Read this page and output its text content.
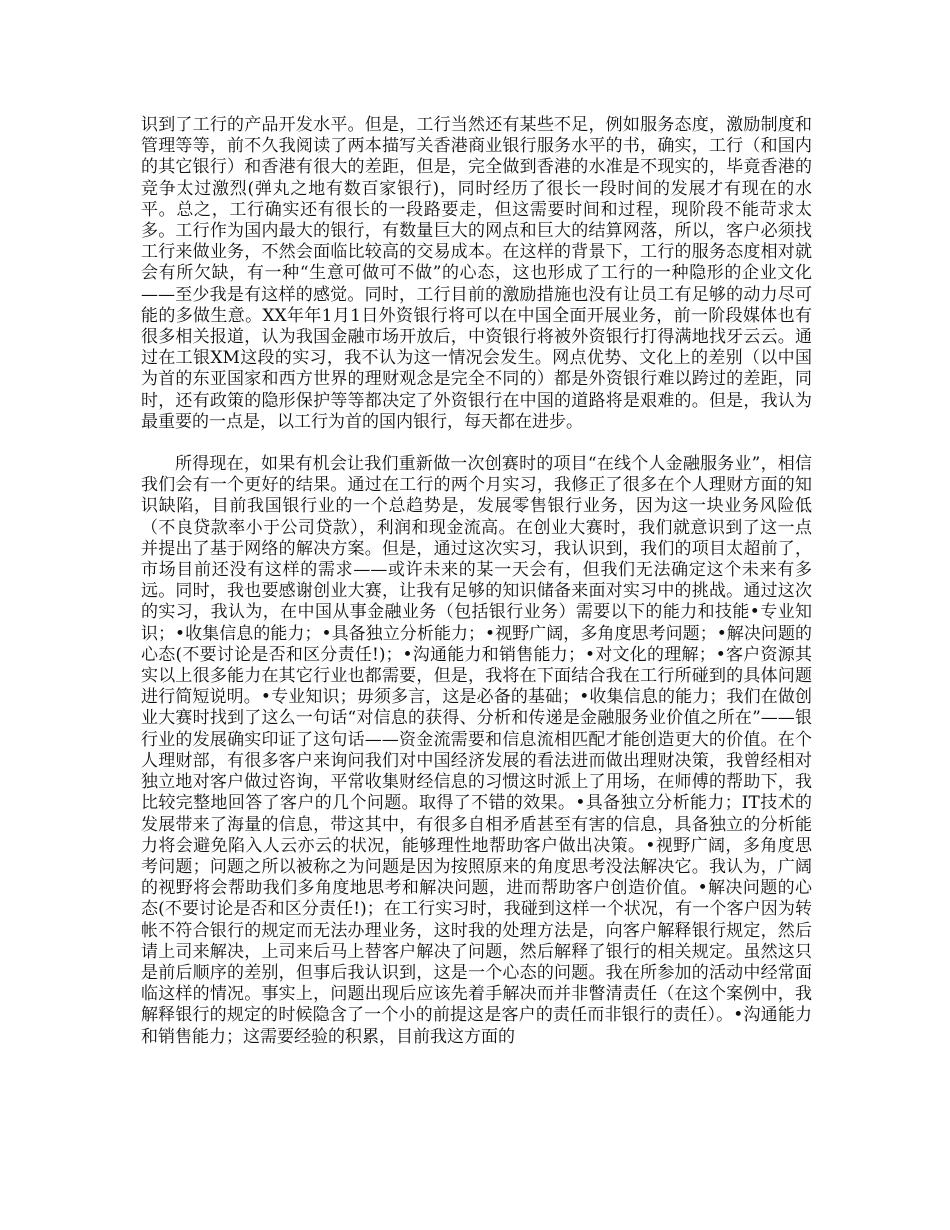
识到了工行的产品开发水平。但是，工行当然还有某些不足，例如服务态度，激励制度和管理等等，前不久我阅读了两本描写关香港商业银行服务水平的书，确实，工行（和国内的其它银行）和香港有很大的差距，但是，完全做到香港的水准是不现实的，毕竟香港的竞争太过激烈(弹丸之地有数百家银行)，同时经历了很长一段时间的发展才有现在的水平。总之，工行确实还有很长的一段路要走，但这需要时间和过程，现阶段不能苛求太多。工行作为国内最大的银行，有数量巨大的网点和巨大的结算网落，所以，客户必须找工行来做业务，不然会面临比较高的交易成本。在这样的背景下，工行的服务态度相对就会有所欠缺，有一种“生意可做可不做”的心态，这也形成了工行的一种隐形的企业文化——至少我是有这样的感觉。同时，工行目前的激励措施也没有让员工有足够的动力尽可能的多做生意。XX年年1月1日外资银行将可以在中国全面开展业务，前一阶段媒体也有很多相关报道，认为我国金融市场开放后，中资银行将被外资银行打得满地找牙云云。通过在工银XM这段的实习，我不认为这一情况会发生。网点优势、文化上的差别（以中国为首的东亚国家和西方世界的理财观念是完全不同的）都是外资银行难以跨过的差距，同时，还有政策的隐形保护等等都决定了外资银行在中国的道路将是艰难的。但是，我认为最重要的一点是，以工行为首的国内银行，每天都在进步。

所得现在，如果有机会让我们重新做一次创赛时的项目“在线个人金融服务业”，相信我们会有一个更好的结果。通过在工行的两个月实习，我修正了很多在个人理财方面的知识缺陷，目前我国银行业的一个总趋势是，发展零售银行业务，因为这一块业务风险低（不良贷款率小于公司贷款），利润和现金流高。在创业大赛时，我们就意识到了这一点并提出了基于网络的解决方案。但是，通过这次实习，我认识到，我们的项目太超前了，市场目前还没有这样的需求——或许未来的某一天会有，但我们无法确定这个未来有多远。同时，我也要感谢创业大赛，让我有足够的知识储备来面对实习中的挑战。通过这次的实习，我认为，在中国从事金融业务（包括银行业务）需要以下的能力和技能•专业知识；•收集信息的能力；•具备独立分析能力；•视野广阔，多角度思考问题；•解决问题的心态(不要讨论是否和区分责任!)；•沟通能力和销售能力；•对文化的理解；•客户资源其实以上很多能力在其它行业也都需要，但是，我将在下面结合我在工行所碰到的具体问题进行简短说明。•专业知识；毋须多言，这是必备的基础；•收集信息的能力；我们在做创业大赛时找到了这么一句话“对信息的获得、分析和传递是金融服务业价值之所在”——银行业的发展确实印证了这句话——资金流需要和信息流相匹配才能创造更大的价值。在个人理财部，有很多客户来询问我们对中国经济发展的看法进而做出理财决策，我曾经相对独立地对客户做过咨询，平常收集财经信息的习惯这时派上了用场，在师傅的帮助下，我比较完整地回答了客户的几个问题。取得了不错的效果。•具备独立分析能力；IT技术的发展带来了海量的信息，带这其中，有很多自相矛盾甚至有害的信息，具备独立的分析能力将会避免陷入人云亦云的状况，能够理性地帮助客户做出决策。•视野广阔，多角度思考问题；问题之所以被称之为问题是因为按照原来的角度思考没法解决它。我认为，广阔的视野将会帮助我们多角度地思考和解决问题，进而帮助客户创造价值。•解决问题的心态(不要讨论是否和区分责任!)；在工行实习时，我碰到这样一个状况，有一个客户因为转帐不符合银行的规定而无法办理业务，这时我的处理方法是，向客户解释银行规定，然后请上司来解决，上司来后马上替客户解决了问题，然后解释了银行的相关规定。虽然这只是前后顺序的差别，但事后我认识到，这是一个心态的问题。我在所参加的活动中经常面临这样的情况。事实上，问题出现后应该先着手解决而并非瞥清责任（在这个案例中，我解释银行的规定的时候隐含了一个小的前提这是客户的责任而非银行的责任）。•沟通能力和销售能力；这需要经验的积累，目前我这方面的
